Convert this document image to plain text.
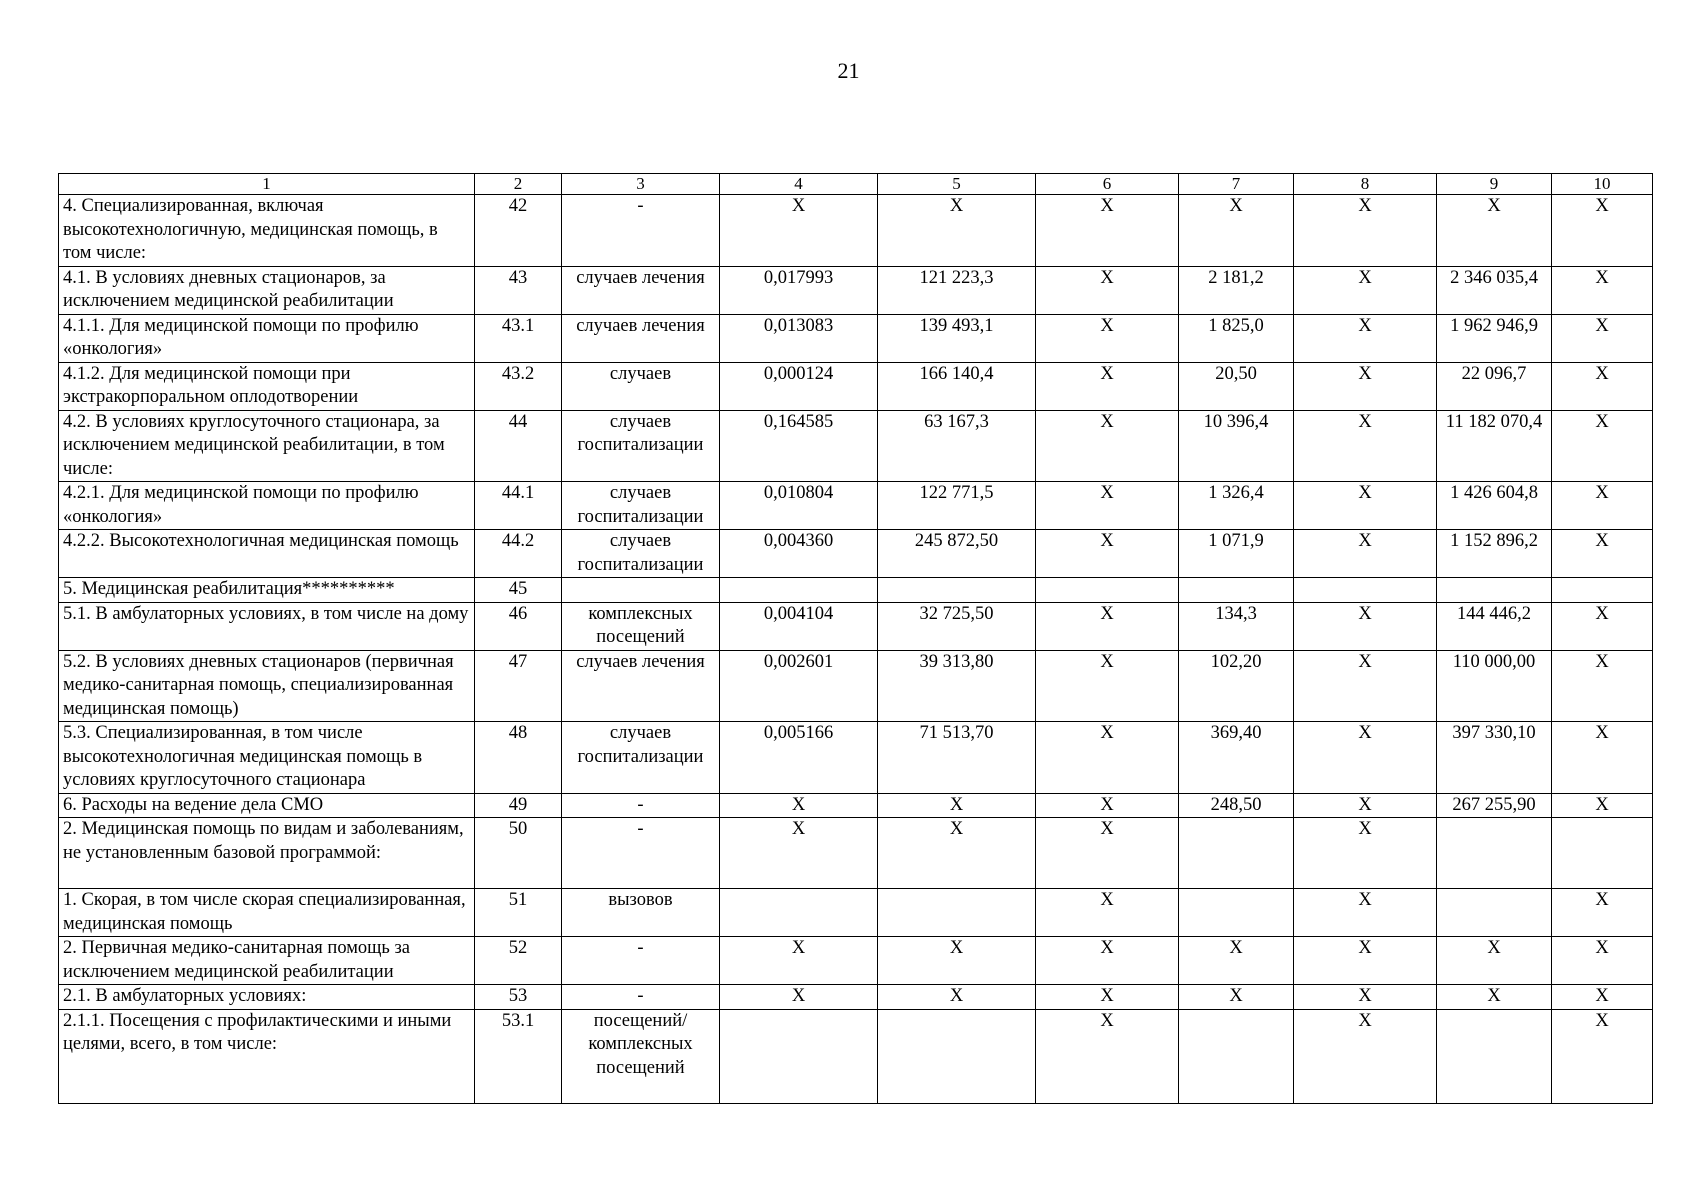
21
1	2	3	4	5	6	7	8	9	10
4. Специализированная, включая высокотехнологичную, медицинская помощь, в том числе:	42	-	X	X	X	X	X	X	X
4.1. В условиях дневных стационаров, за исключением медицинской реабилитации	43	случаев лечения	0,017993	121 223,3	X	2 181,2	X	2 346 035,4	X
4.1.1. Для медицинской помощи по профилю «онкология»	43.1	случаев лечения	0,013083	139 493,1	X	1 825,0	X	1 962 946,9	X
4.1.2. Для медицинской помощи при экстракорпоральном оплодотворении	43.2	случаев	0,000124	166 140,4	X	20,50	X	22 096,7	X
4.2. В условиях круглосуточного стационара, за исключением медицинской реабилитации, в том числе:	44	случаев госпитализации	0,164585	63 167,3	X	10 396,4	X	11 182 070,4	X
4.2.1. Для медицинской помощи по профилю «онкология»	44.1	случаев госпитализации	0,010804	122 771,5	X	1 326,4	X	1 426 604,8	X
4.2.2. Высокотехнологичная медицинская помощь	44.2	случаев госпитализации	0,004360	245 872,50	X	1 071,9	X	1 152 896,2	X
5. Медицинская реабилитация**********	45								
5.1. В амбулаторных условиях, в том числе на дому	46	комплексных посещений	0,004104	32 725,50	X	134,3	X	144 446,2	X
5.2. В условиях дневных стационаров (первичная медико-санитарная помощь, специализированная медицинская помощь)	47	случаев лечения	0,002601	39 313,80	X	102,20	X	110 000,00	X
5.3. Специализированная, в том числе высокотехнологичная медицинская помощь в условиях круглосуточного стационара	48	случаев госпитализации	0,005166	71 513,70	X	369,40	X	397 330,10	X
6. Расходы на ведение дела СМО	49	-	X	X	X	248,50	X	267 255,90	X
2. Медицинская помощь по видам и заболеваниям, не установленным базовой программой:	50	-	X	X	X		X		
1. Скорая, в том числе скорая специализированная, медицинская помощь	51	вызовов			X		X		X
2. Первичная медико-санитарная помощь за исключением медицинской реабилитации	52	-	X	X	X	X	X	X	X
2.1. В амбулаторных условиях:	53	-	X	X	X	X	X	X	X
2.1.1. Посещения с профилактическими и иными целями, всего, в том числе:	53.1	посещений/ комплексных посещений			X		X		X
